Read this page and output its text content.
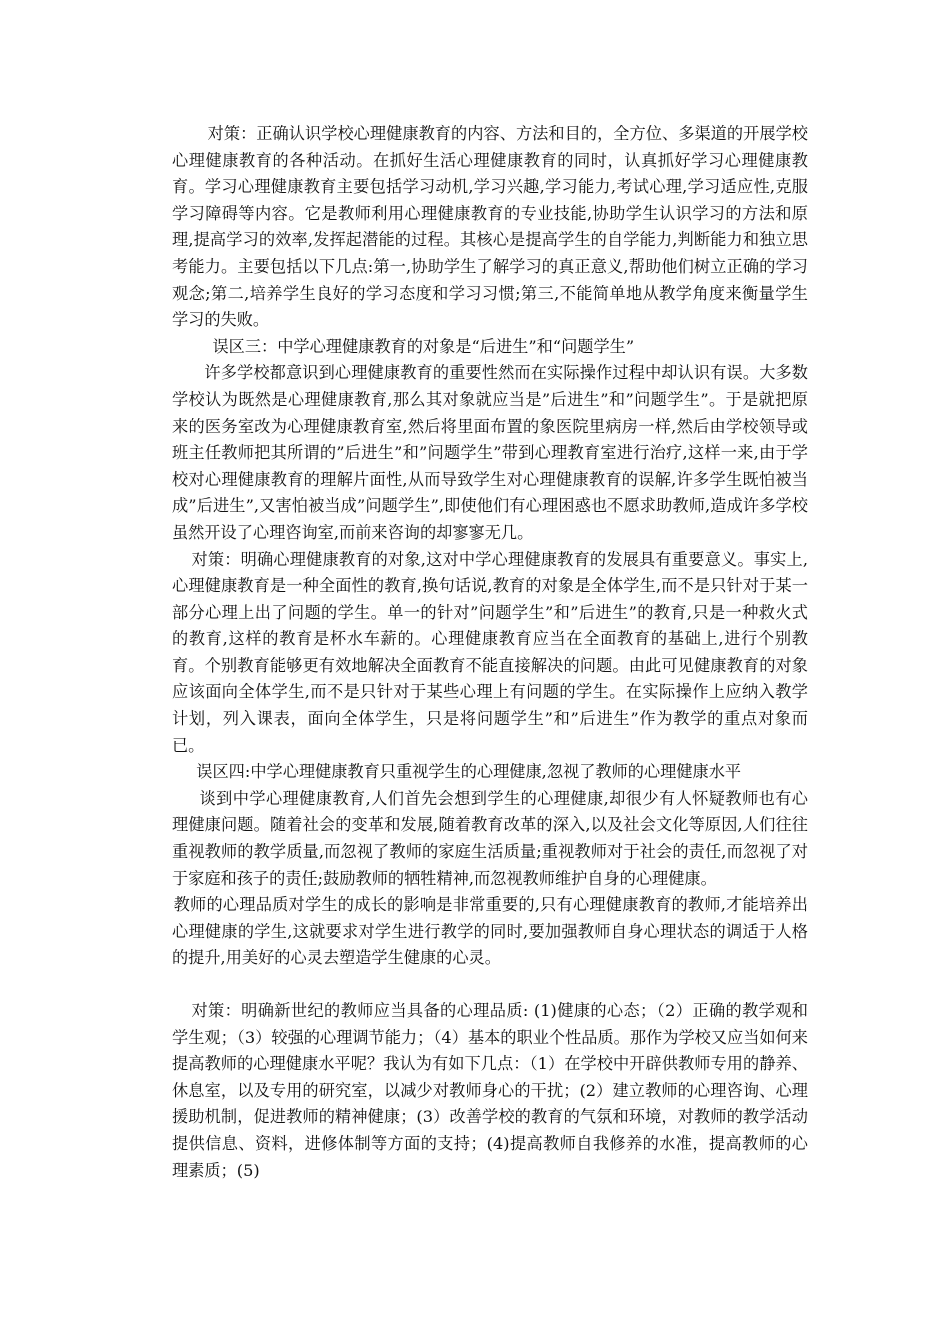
对策：正确认识学校心理健康教育的内容、方法和目的，全方位、多渠道的开展学校心理健康教育的各种活动。在抓好生活心理健康教育的同时，认真抓好学习心理健康教育。学习心理健康教育主要包括学习动机,学习兴趣,学习能力,考试心理,学习适应性,克服学习障碍等内容。它是教师利用心理健康教育的专业技能,协助学生认识学习的方法和原理,提高学习的效率,发挥起潜能的过程。其核心是提高学生的自学能力,判断能力和独立思考能力。主要包括以下几点:第一,协助学生了解学习的真正意义,帮助他们树立正确的学习观念;第二,培养学生良好的学习态度和学习习惯;第三,不能简单地从教学角度来衡量学生学习的失败。

误区三：中学心理健康教育的对象是“后进生”和“问题学生”

许多学校都意识到心理健康教育的重要性然而在实际操作过程中却认识有误。大多数学校认为既然是心理健康教育,那么其对象就应当是”后进生”和”问题学生”。于是就把原来的医务室改为心理健康教育室,然后将里面布置的象医院里病房一样,然后由学校领导或班主任教师把其所谓的”后进生”和”问题学生”带到心理教育室进行治疗,这样一来,由于学校对心理健康教育的理解片面性,从而导致学生对心理健康教育的误解,许多学生既怕被当成”后进生”,又害怕被当成”问题学生”,即使他们有心理困惑也不愿求助教师,造成许多学校虽然开设了心理咨询室,而前来咨询的却寥寥无几。

对策：明确心理健康教育的对象,这对中学心理健康教育的发展具有重要意义。事实上,心理健康教育是一种全面性的教育,换句话说,教育的对象是全体学生,而不是只针对于某一部分心理上出了问题的学生。单一的针对”问题学生”和”后进生”的教育,只是一种救火式的教育,这样的教育是杯水车薪的。心理健康教育应当在全面教育的基础上,进行个别教育。个别教育能够更有效地解决全面教育不能直接解决的问题。由此可见健康教育的对象应该面向全体学生,而不是只针对于某些心理上有问题的学生。在实际操作上应纳入教学计划，列入课表，面向全体学生，只是将问题学生”和”后进生”作为教学的重点对象而已。

误区四:中学心理健康教育只重视学生的心理健康,忽视了教师的心理健康水平

谈到中学心理健康教育,人们首先会想到学生的心理健康,却很少有人怀疑教师也有心理健康问题。随着社会的变革和发展,随着教育改革的深入,以及社会文化等原因,人们往往重视教师的教学质量,而忽视了教师的家庭生活质量;重视教师对于社会的责任,而忽视了对于家庭和孩子的责任;鼓励教师的牺牲精神,而忽视教师维护自身的心理健康。

教师的心理品质对学生的成长的影响是非常重要的,只有心理健康教育的教师,才能培养出心理健康的学生,这就要求对学生进行教学的同时,要加强教师自身心理状态的调适于人格的提升,用美好的心灵去塑造学生健康的心灵。

对策：明确新世纪的教师应当具备的心理品质: (1)健康的心态；（2）正确的教学观和学生观；（3）较强的心理调节能力；（4）基本的职业个性品质。那作为学校又应当如何来提高教师的心理健康水平呢？我认为有如下几点：（1）在学校中开辟供教师专用的静养、休息室，以及专用的研究室，以减少对教师身心的干扰；(2）建立教师的心理咨询、心理援助机制，促进教师的精神健康；(3）改善学校的教育的气氛和环境，对教师的教学活动提供信息、资料，进修体制等方面的支持；(4)提高教师自我修养的水准，提高教师的心理素质；(5)
